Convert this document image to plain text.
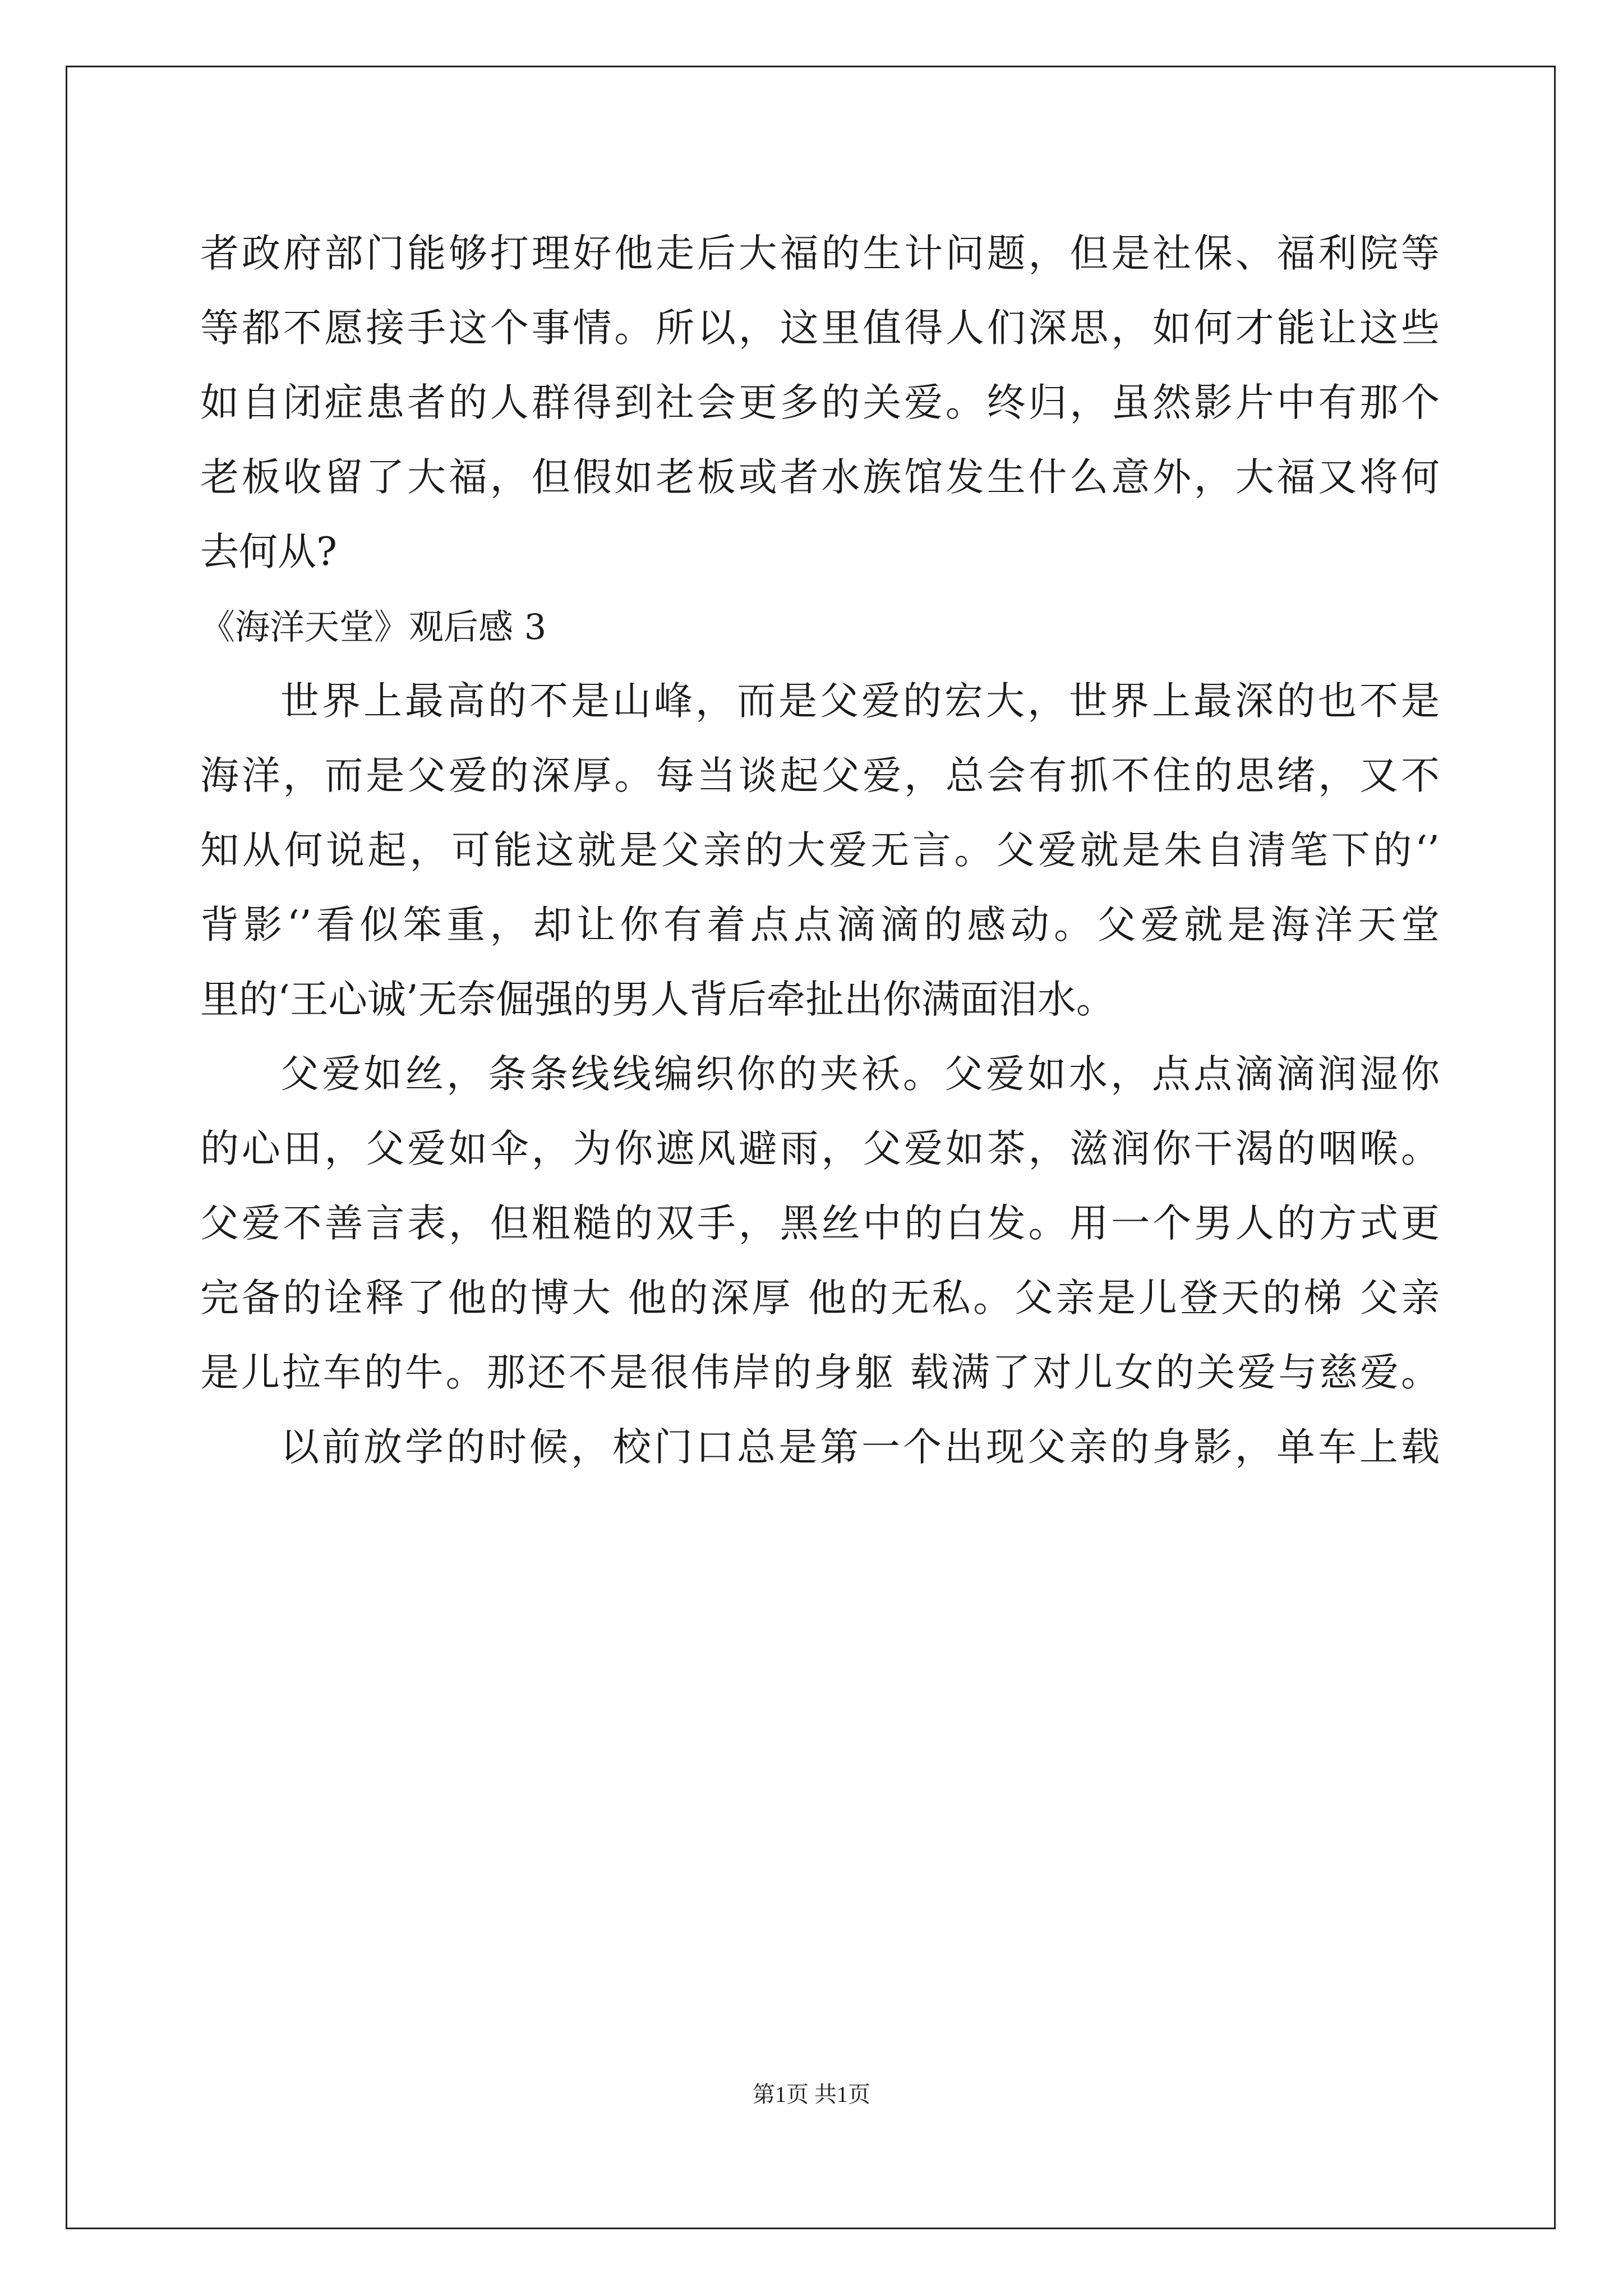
者政府部门能够打理好他走后大福的生计问题，但是社保、福利院等
等都不愿接手这个事情。所以，这里值得人们深思，如何才能让这些
如自闭症患者的人群得到社会更多的关爱。终归，虽然影片中有那个
老板收留了大福，但假如老板或者水族馆发生什么意外，大福又将何
去何从?
《海洋天堂》观后感 3
世界上最高的不是山峰，而是父爱的宏大，世界上最深的也不是
海洋，而是父爱的深厚。每当谈起父爱，总会有抓不住的思绪，又不
知从何说起，可能这就是父亲的大爱无言。父爱就是朱自清笔下的‘’
背影‘’看似笨重，却让你有着点点滴滴的感动。父爱就是海洋天堂
里的‘王心诚’无奈倔强的男人背后牵扯出你满面泪水。
父爱如丝，条条线线编织你的夹袄。父爱如水，点点滴滴润湿你
的心田，父爱如伞，为你遮风避雨，父爱如茶，滋润你干渴的咽喉。
父爱不善言表，但粗糙的双手，黑丝中的白发。用一个男人的方式更
完备的诠释了他的博大 他的深厚 他的无私。父亲是儿登天的梯 父亲
是儿拉车的牛。那还不是很伟岸的身躯 载满了对儿女的关爱与慈爱。
以前放学的时候，校门口总是第一个出现父亲的身影，单车上载
第1页 共1页
